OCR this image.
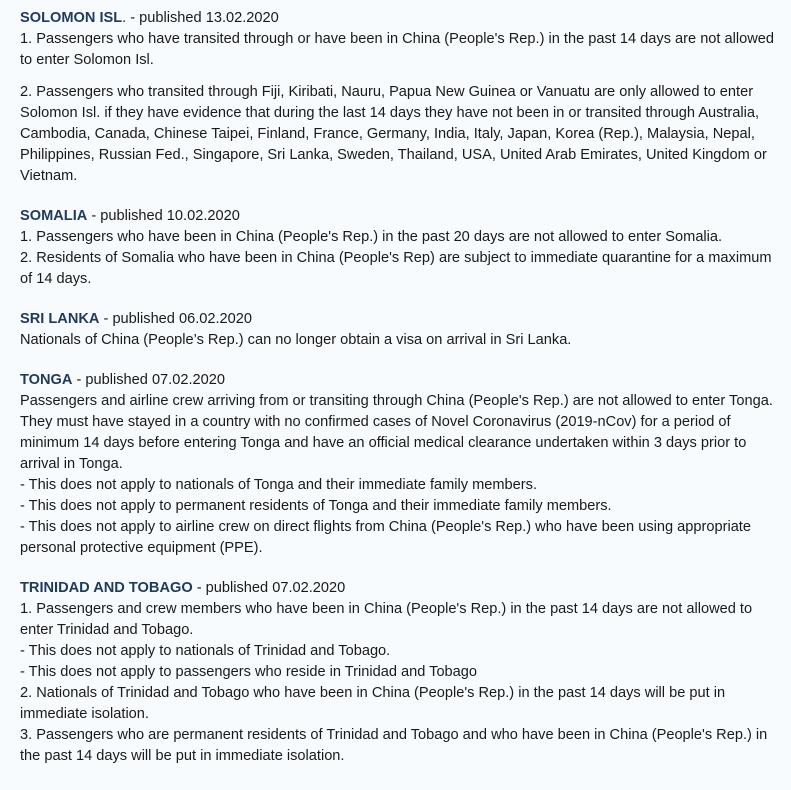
SOLOMON ISL. - published 13.02.2020

1. Passengers who have transited through or have been in China (People's Rep.) in the past 14 days are not allowed to enter Solomon Isl.

2. Passengers who transited through Fiji, Kiribati, Nauru, Papua New Guinea or Vanuatu are only allowed to enter Solomon Isl. if they have evidence that during the last 14 days they have not been in or transited through Australia, Cambodia, Canada, Chinese Taipei, Finland, France, Germany, India, Italy, Japan, Korea (Rep.), Malaysia, Nepal, Philippines, Russian Fed., Singapore, Sri Lanka, Sweden, Thailand, USA, United Arab Emirates, United Kingdom or Vietnam.

SOMALIA - published 10.02.2020

1. Passengers who have been in China (People's Rep.) in the past 20 days are not allowed to enter Somalia.

2. Residents of Somalia who have been in China (People's Rep) are subject to immediate quarantine for a maximum of 14 days.

SRI LANKA - published 06.02.2020

Nationals of China (People’s Rep.) can no longer obtain a visa on arrival in Sri Lanka.

TONGA - published 07.02.2020

Passengers and airline crew arriving from or transiting through China (People's Rep.) are not allowed to enter Tonga. They must have stayed in a country with no confirmed cases of Novel Coronavirus (2019-nCov) for a period of minimum 14 days before entering Tonga and have an official medical clearance undertaken within 3 days prior to arrival in Tonga.

- This does not apply to nationals of Tonga and their immediate family members.

- This does not apply to permanent residents of Tonga and their immediate family members.

- This does not apply to airline crew on direct flights from China (People's Rep.) who have been using appropriate personal protective equipment (PPE).

TRINIDAD AND TOBAGO - published 07.02.2020

1. Passengers and crew members who have been in China (People's Rep.) in the past 14 days are not allowed to enter Trinidad and Tobago.

- This does not apply to nationals of Trinidad and Tobago.

- This does not apply to passengers who reside in Trinidad and Tobago

2. Nationals of Trinidad and Tobago who have been in China (People's Rep.) in the past 14 days will be put in immediate isolation.

3. Passengers who are permanent residents of Trinidad and Tobago and who have been in China (People's Rep.) in the past 14 days will be put in immediate isolation.
